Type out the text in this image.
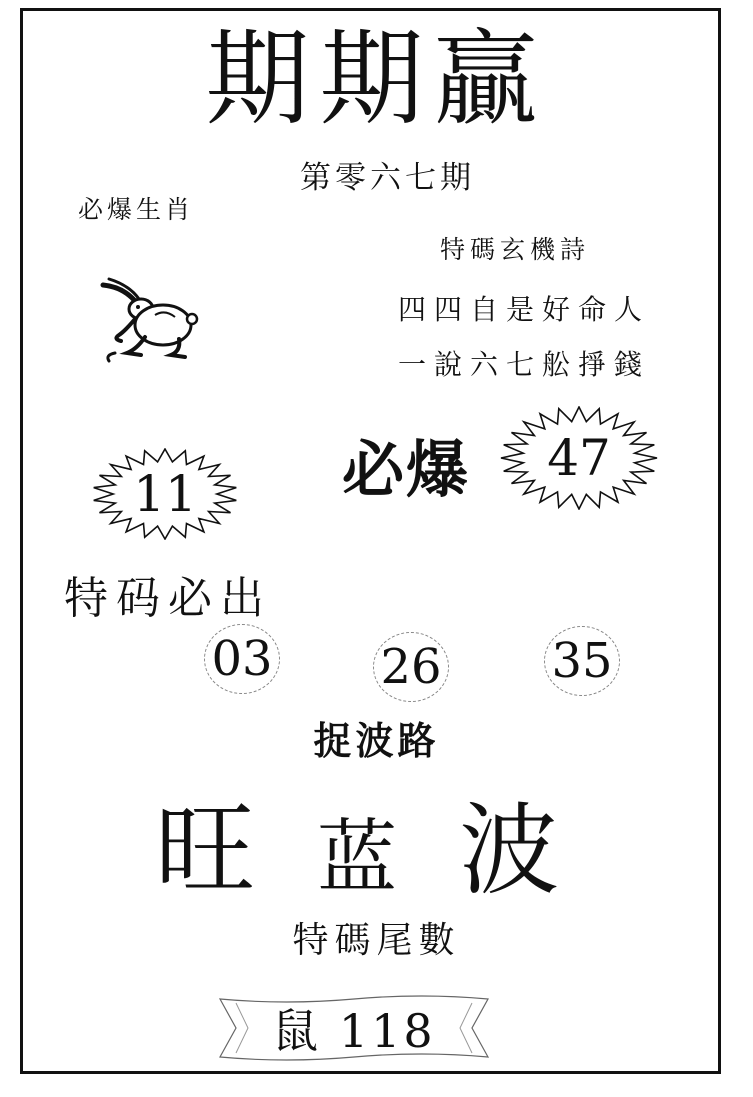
期期贏
第零六七期
必爆生肖
特碼玄機詩
四四自是好命人
一說六七舩掙錢
11	必爆	47
特码必出
03 26 35
捉波路
旺 蓝 波
特碼尾數
鼠 118
